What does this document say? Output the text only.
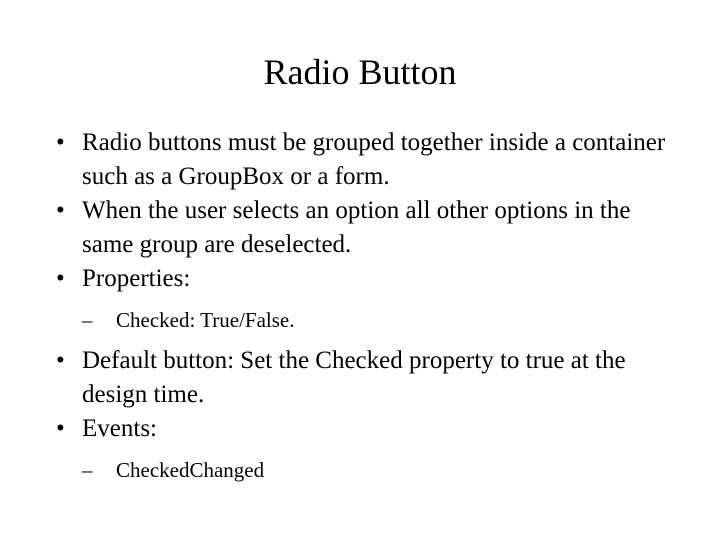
Radio Button
• Radio buttons must be grouped together inside a container such as a GroupBox or a form.
• When the user selects an option all other options in the same group are deselected.
• Properties:
– Checked: True/False.
• Default button: Set the Checked property to true at the design time.
• Events:
– CheckedChanged
